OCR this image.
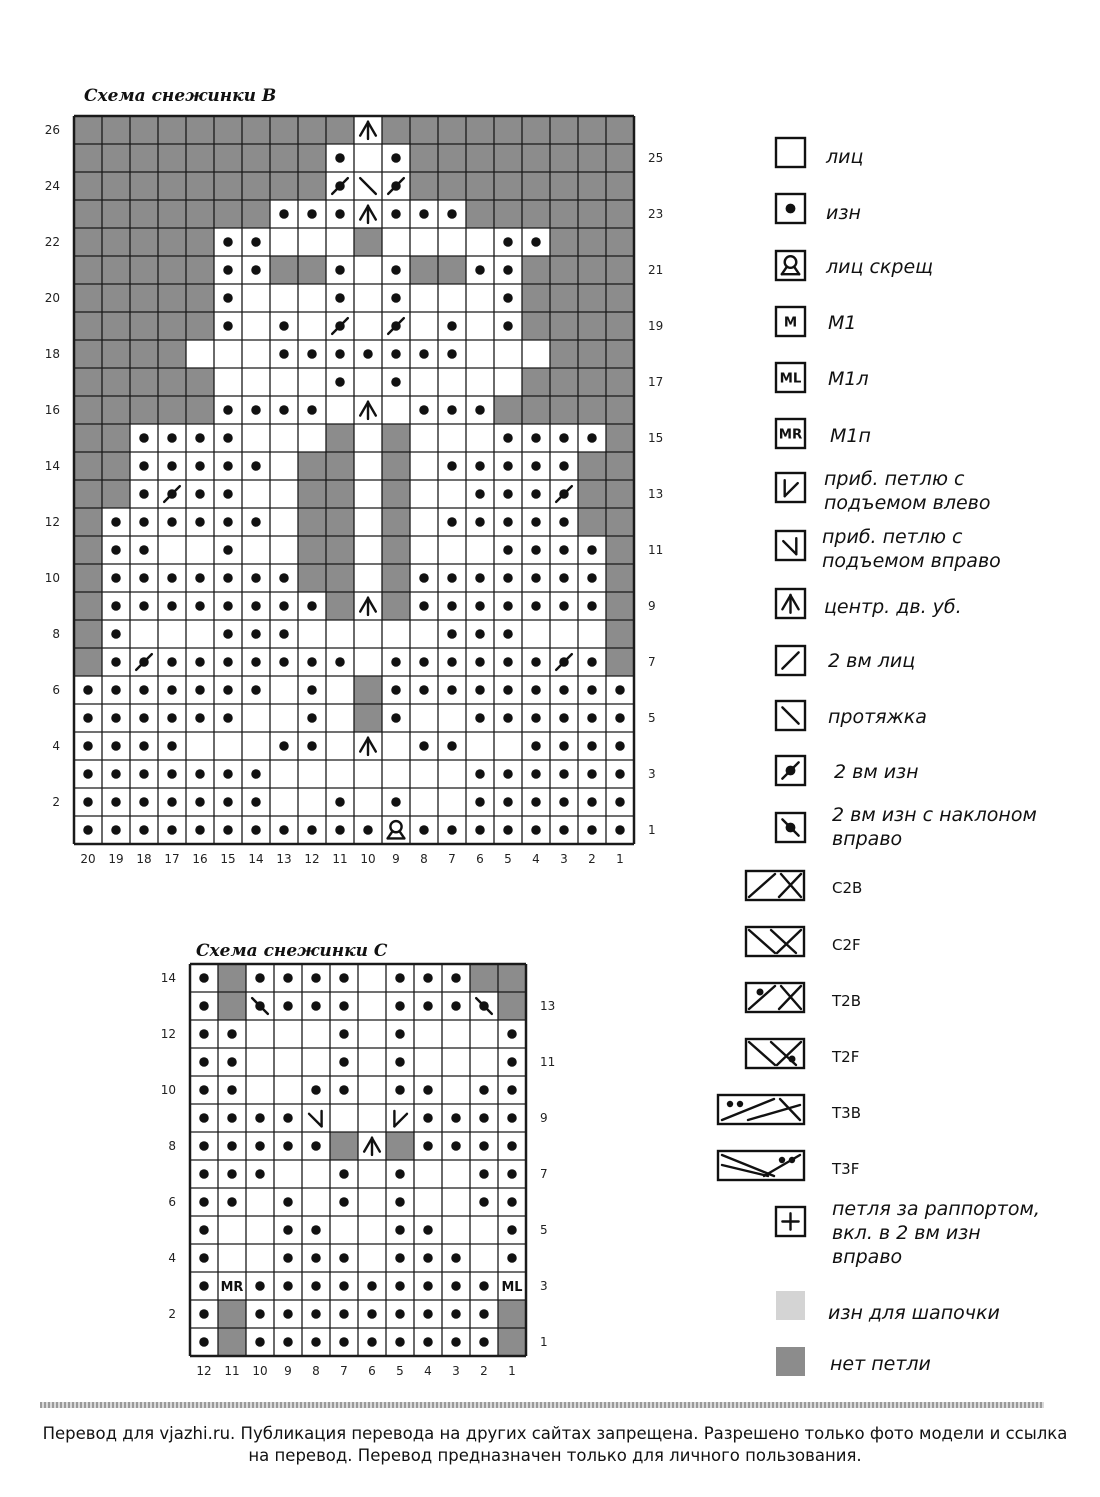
Схема снежинки B

20 19 18 17 16 15 14 13 12 11 10 9 8 7 6 5 4 3 2 1
2
4
6
8
10
12
14
16
18
20
22
24
26
1
3
5
7
9
11
13
15
17
19
21
23
25

Схема снежинки C

MR	ML
12 11 10 9 8 7 6 5 4 3 2 1
2
4
6
8
10
12
14
1
3
5
7
9
11
13

лиц

изн

лиц скрещ

M М1

ML М1л

MR М1п

приб. петлю с подъемом влево

приб. петлю с подъемом вправо

центр. дв. уб.

2 вм лиц

протяжка

2 вм изн

2 вм изн с наклоном вправо

C2B

C2F

T2B

T2F

T3B

T3F

петля за раппортом, вкл. в 2 вм изн вправо

изн для шапочки

нет петли

Перевод для vjazhi.ru. Публикация перевода на других сайтах запрещена. Разрешено только фото модели и ссылка на перевод. Перевод предназначен только для личного пользования.
